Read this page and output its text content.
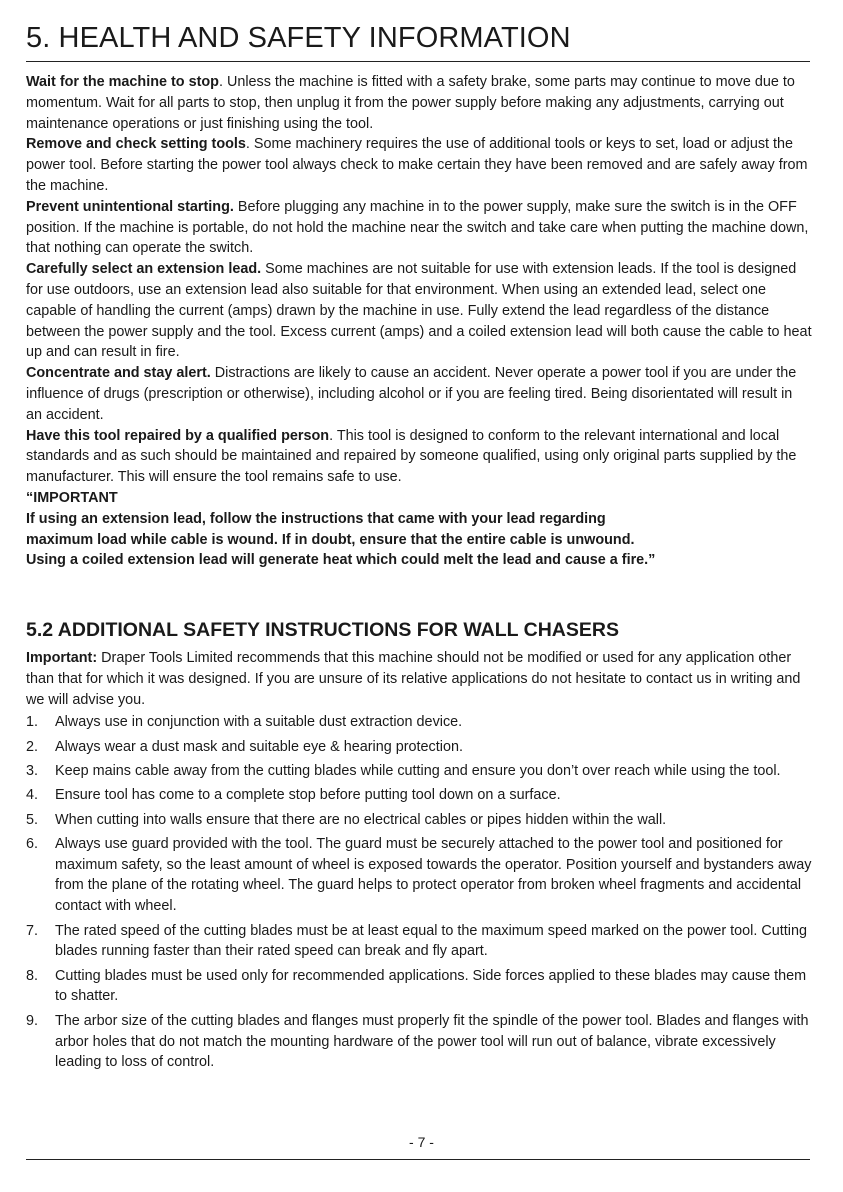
5. HEALTH AND SAFETY INFORMATION

Wait for the machine to stop. Unless the machine is fitted with a safety brake, some parts may continue to move due to momentum. Wait for all parts to stop, then unplug it from the power supply before making any adjustments, carrying out maintenance operations or just finishing using the tool.

Remove and check setting tools. Some machinery requires the use of additional tools or keys to set, load or adjust the power tool. Before starting the power tool always check to make certain they have been removed and are safely away from the machine.

Prevent unintentional starting. Before plugging any machine in to the power supply, make sure the switch is in the OFF position. If the machine is portable, do not hold the machine near the switch and take care when putting the machine down, that nothing can operate the switch.

Carefully select an extension lead. Some machines are not suitable for use with extension leads. If the tool is designed for use outdoors, use an extension lead also suitable for that environment. When using an extended lead, select one capable of handling the current (amps) drawn by the machine in use. Fully extend the lead regardless of the distance between the power supply and the tool. Excess current (amps) and a coiled extension lead will both cause the cable to heat up and can result in fire.

Concentrate and stay alert. Distractions are likely to cause an accident. Never operate a power tool if you are under the influence of drugs (prescription or otherwise), including alcohol or if you are feeling tired. Being disorientated will result in an accident.

Have this tool repaired by a qualified person. This tool is designed to conform to the relevant international and local standards and as such should be maintained and repaired by someone qualified, using only original parts supplied by the manufacturer. This will ensure the tool remains safe to use.

“IMPORTANT
If using an extension lead, follow the instructions that came with your lead regarding
maximum load while cable is wound. If in doubt, ensure that the entire cable is unwound.
Using a coiled extension lead will generate heat which could melt the lead and cause a fire.”
5.2 ADDITIONAL SAFETY INSTRUCTIONS FOR WALL CHASERS

Important: Draper Tools Limited recommends that this machine should not be modified or used for any application other than that for which it was designed. If you are unsure of its relative applications do not hesitate to contact us in writing and we will advise you.

1. Always use in conjunction with a suitable dust extraction device.
2. Always wear a dust mask and suitable eye & hearing protection.
3. Keep mains cable away from the cutting blades while cutting and ensure you don’t over reach while using the tool.
4. Ensure tool has come to a complete stop before putting tool down on a surface.
5. When cutting into walls ensure that there are no electrical cables or pipes hidden within the wall.
6. Always use guard provided with the tool. The guard must be securely attached to the power tool and positioned for maximum safety, so the least amount of wheel is exposed towards the operator. Position yourself and bystanders away from the plane of the rotating wheel. The guard helps to protect operator from broken wheel fragments and accidental contact with wheel.
7. The rated speed of the cutting blades must be at least equal to the maximum speed marked on the power tool. Cutting blades running faster than their rated speed can break and fly apart.
8. Cutting blades must be used only for recommended applications. Side forces applied to these blades may cause them to shatter.
9. The arbor size of the cutting blades and flanges must properly fit the spindle of the power tool. Blades and flanges with arbor holes that do not match the mounting hardware of the power tool will run out of balance, vibrate excessively leading to loss of control.
- 7 -
